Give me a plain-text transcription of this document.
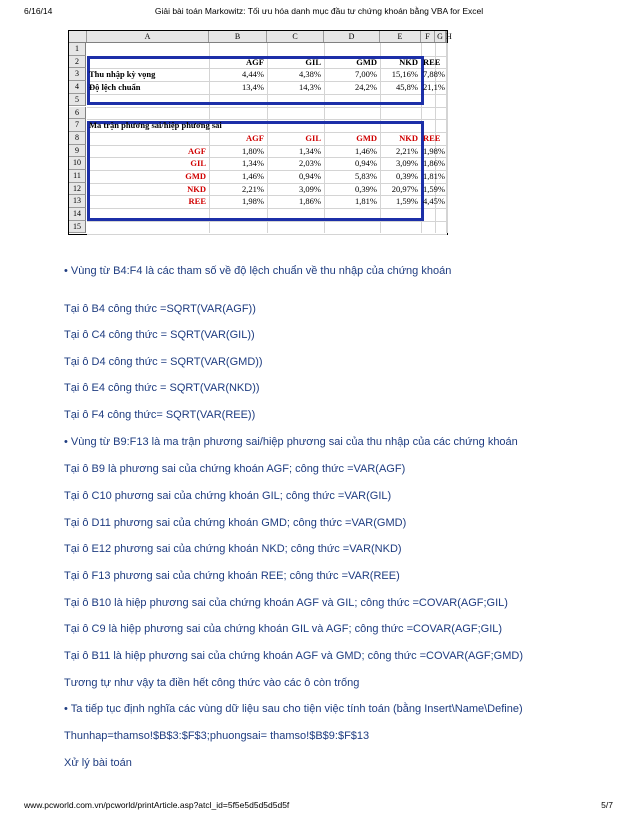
Giải bài toán Markowitz: Tối ưu hóa danh mục đầu tư chứng khoán bằng VBA for Excel
6/16/14
A	B	C	D	E	F G H
1
2
3
4
5
6
7
8
9
10
11
12
13
14
15
AGF	GIL	GMD	NKD REE
Thu nhập kỳ vọng	4,44%	4,38%	7,00%	15,16% 7,88%
Độ lệch chuẩn	13,4%	14,3%	24,2%	45,8% 21,1%
Ma trận phương sai/hiệp phương sai
AGF	GIL	GMD	NKD REE
AGF	1,80%	1,34%	1,46%	2,21% 1,98%
GIL	1,34%	2,03%	0,94%	3,09% 1,86%
GMD	1,46%	0,94%	5,83%	0,39% 1,81%
NKD	2,21%	3,09%	0,39%	20,97% 1,59%
REE	1,98%	1,86%	1,81%	1,59% 4,45%
• Vùng từ B4:F4 là các tham số về độ lệch chuẩn về thu nhập của chứng khoán
Tại ô B4 công thức =SQRT(VAR(AGF))
Tại ô C4 công thức = SQRT(VAR(GIL))
Tại ô D4 công thức = SQRT(VAR(GMD))
Tại ô E4 công thức = SQRT(VAR(NKD))
Tại ô F4 công thức= SQRT(VAR(REE))
• Vùng từ B9:F13 là ma trận phương sai/hiệp phương sai của thu nhập của các chứng khoán
Tại ô B9 là phương sai của chứng khoán AGF; công thức =VAR(AGF)
Tại ô C10 phương sai của chứng khoán GIL; công thức =VAR(GIL)
Tại ô D11 phương sai của chứng khoán GMD; công thức =VAR(GMD)
Tại ô E12 phương sai của chứng khoán NKD; công thức =VAR(NKD)
Tại ô F13 phương sai của chứng khoán REE; công thức =VAR(REE)
Tại ô B10 là hiệp phương sai của chứng khoán AGF và GIL; công thức =COVAR(AGF;GIL)
Tại ô C9 là hiệp phương sai của chứng khoán GIL và AGF; công thức =COVAR(AGF;GIL)
Tại ô B11 là hiệp phương sai của chứng khoán AGF và GMD; công thức =COVAR(AGF;GMD)
Tương tự như vậy ta điền hết công thức vào các ô còn trống
• Ta tiếp tục định nghĩa các vùng dữ liệu sau cho tiện việc tính toán (bằng Insert\Name\Define)
Thunhap=thamso!$B$3:$F$3;phuongsai= thamso!$B$9:$F$13
Xử lý bài toán
www.pcworld.com.vn/pcworld/printArticle.asp?atcl_id=5f5e5d5d5d5d5f	5/7
